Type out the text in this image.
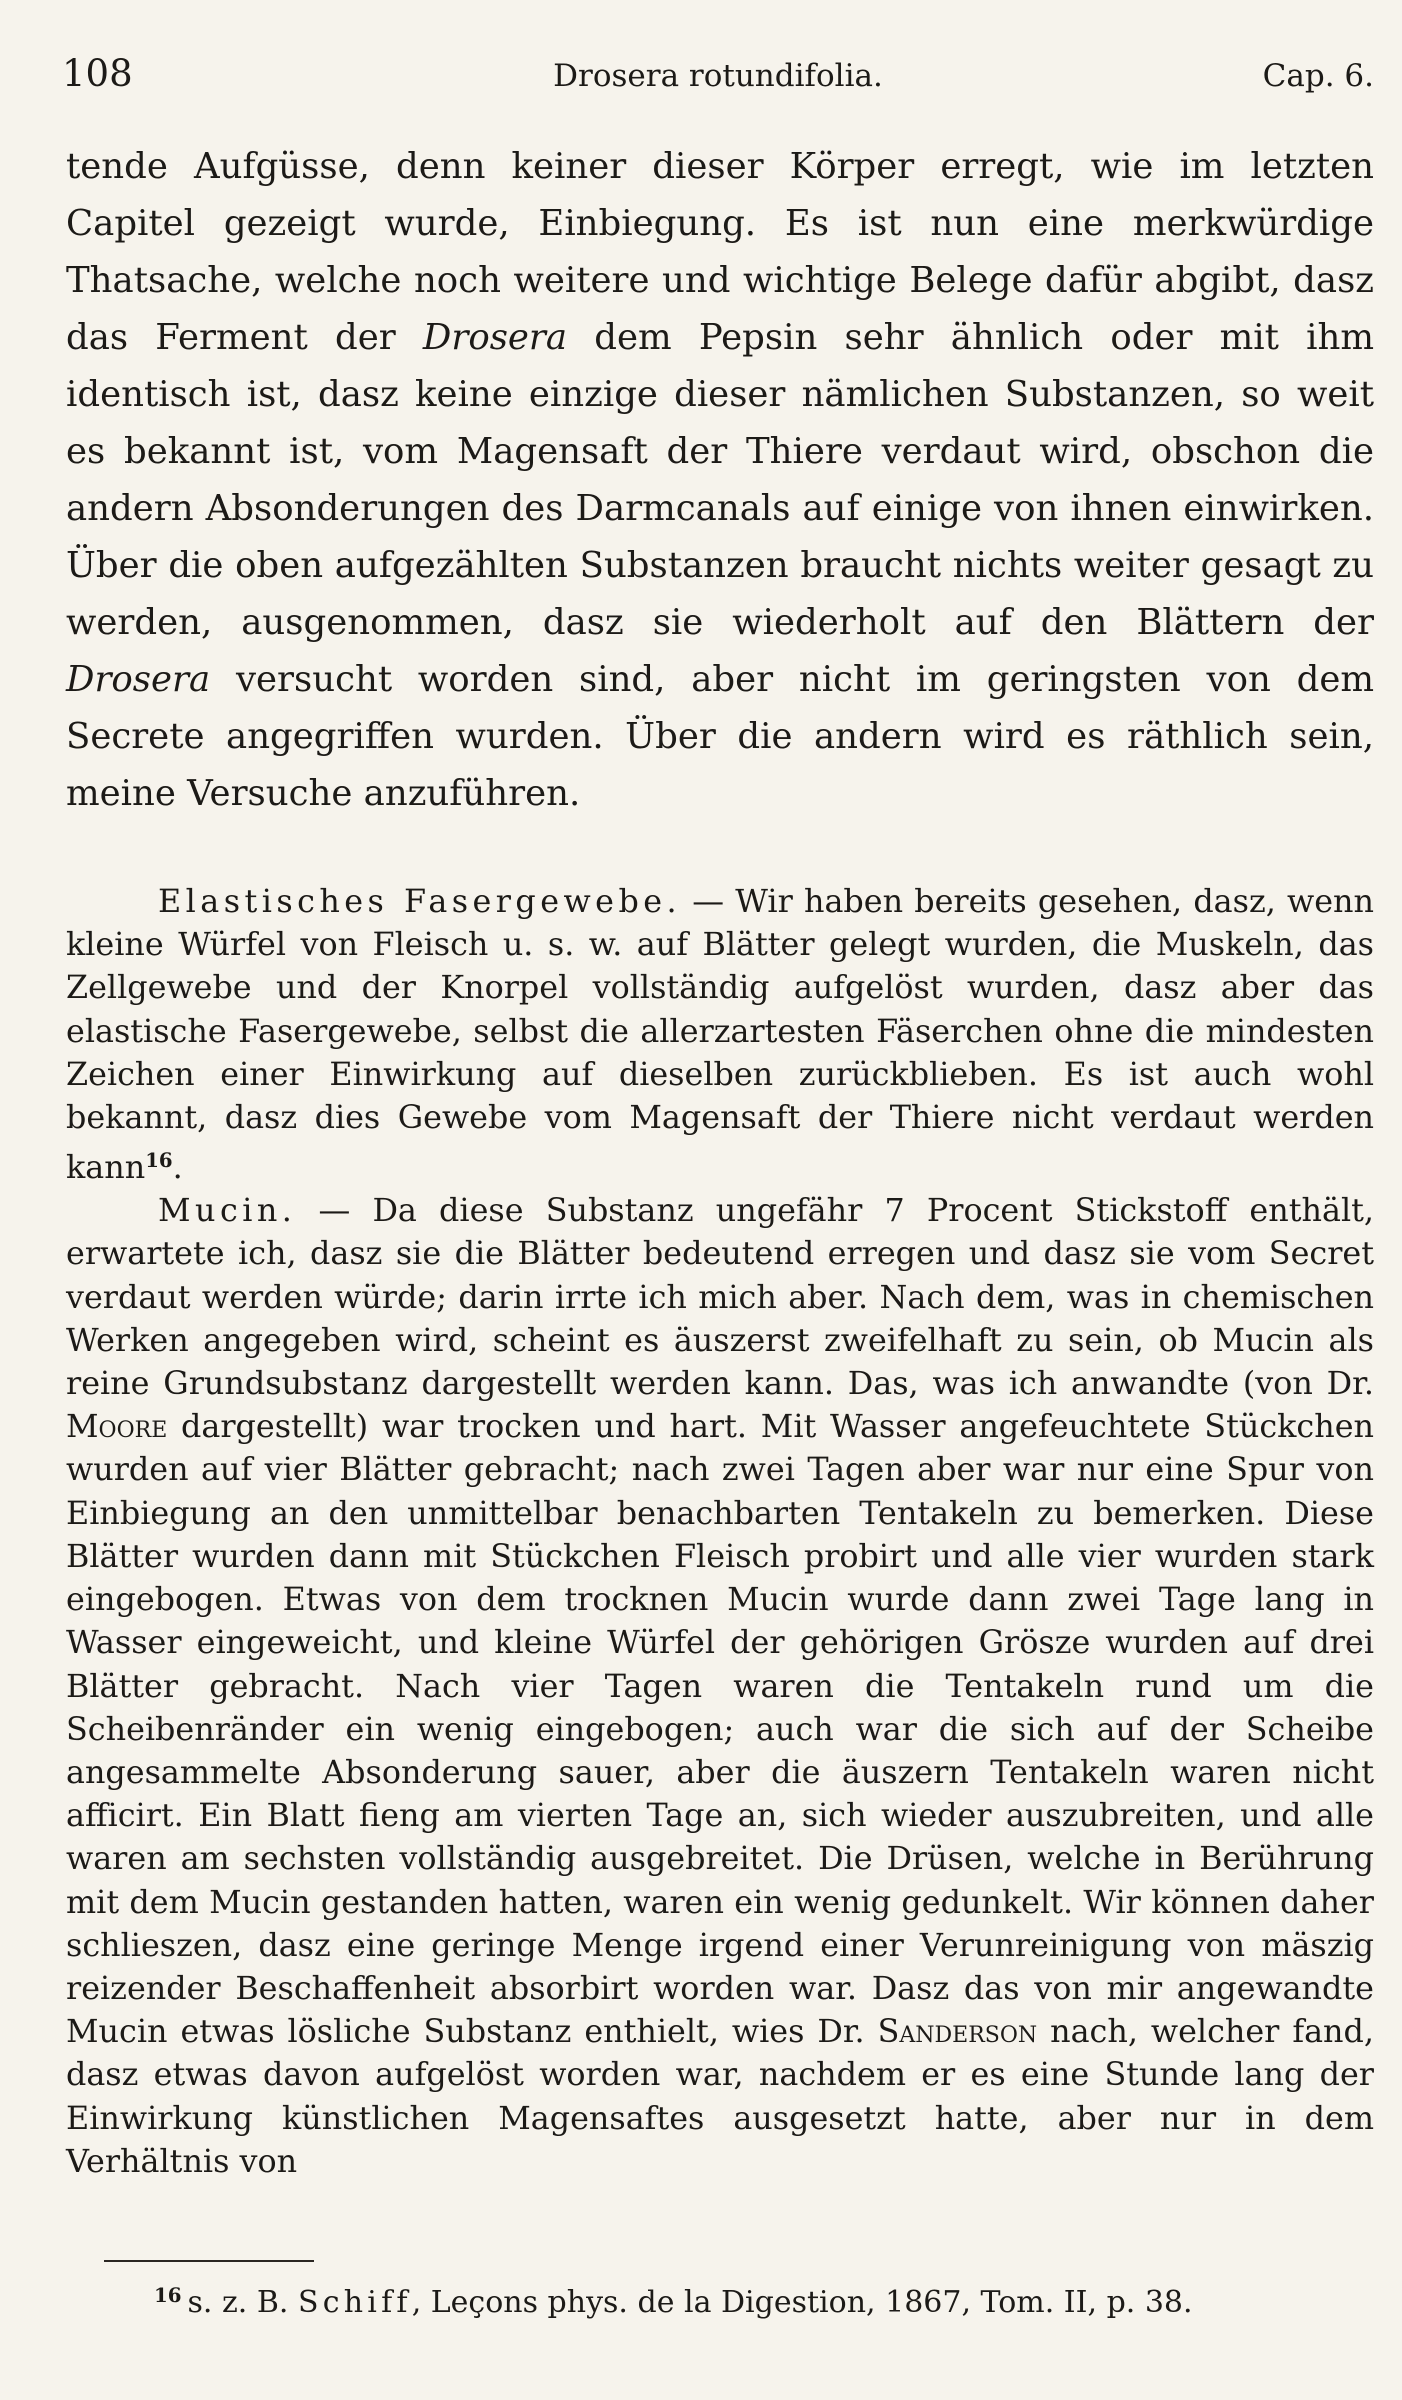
108	Drosera rotundifolia.	Cap. 6.
tende Aufgüsse, denn keiner dieser Körper erregt, wie im letzten Capitel gezeigt wurde, Einbiegung. Es ist nun eine merkwürdige Thatsache, welche noch weitere und wichtige Belege dafür abgibt, dasz das Ferment der Drosera dem Pepsin sehr ähnlich oder mit ihm identisch ist, dasz keine einzige dieser nämlichen Substanzen, so weit es bekannt ist, vom Magensaft der Thiere verdaut wird, obschon die andern Absonderungen des Darmcanals auf einige von ihnen einwirken. Über die oben aufgezählten Substanzen braucht nichts weiter gesagt zu werden, ausgenommen, dasz sie wiederholt auf den Blättern der Drosera versucht worden sind, aber nicht im geringsten von dem Secrete angegriffen wurden. Über die andern wird es räthlich sein, meine Versuche anzuführen.

Elastisches Fasergewebe. — Wir haben bereits gesehen, dasz, wenn kleine Würfel von Fleisch u. s. w. auf Blätter gelegt wurden, die Muskeln, das Zellgewebe und der Knorpel vollständig aufgelöst wurden, dasz aber das elastische Fasergewebe, selbst die allerzartesten Fäserchen ohne die mindesten Zeichen einer Einwirkung auf dieselben zurückblieben. Es ist auch wohl bekannt, dasz dies Gewebe vom Magensaft der Thiere nicht verdaut werden kann$^{16}$.

Mucin. — Da diese Substanz ungefähr 7 Procent Stickstoff enthält, erwartete ich, dasz sie die Blätter bedeutend erregen und dasz sie vom Secret verdaut werden würde; darin irrte ich mich aber. Nach dem, was in chemischen Werken angegeben wird, scheint es äuszerst zweifelhaft zu sein, ob Mucin als reine Grundsubstanz dargestellt werden kann. Das, was ich anwandte (von Dr. Moore dargestellt) war trocken und hart. Mit Wasser angefeuchtete Stückchen wurden auf vier Blätter gebracht; nach zwei Tagen aber war nur eine Spur von Einbiegung an den unmittelbar benachbarten Tentakeln zu bemerken. Diese Blätter wurden dann mit Stückchen Fleisch probirt und alle vier wurden stark eingebogen. Etwas von dem trocknen Mucin wurde dann zwei Tage lang in Wasser eingeweicht, und kleine Würfel der gehörigen Grösze wurden auf drei Blätter gebracht. Nach vier Tagen waren die Tentakeln rund um die Scheibenränder ein wenig eingebogen; auch war die sich auf der Scheibe angesammelte Absonderung sauer, aber die äuszern Tentakeln waren nicht afficirt. Ein Blatt fieng am vierten Tage an, sich wieder auszubreiten, und alle waren am sechsten vollständig ausgebreitet. Die Drüsen, welche in Berührung mit dem Mucin gestanden hatten, waren ein wenig gedunkelt. Wir können daher schlieszen, dasz eine geringe Menge irgend einer Verunreinigung von mäszig reizender Beschaffenheit absorbirt worden war. Dasz das von mir angewandte Mucin etwas lösliche Substanz enthielt, wies Dr. Sanderson nach, welcher fand, dasz etwas davon aufgelöst worden war, nachdem er es eine Stunde lang der Einwirkung künstlichen Magensaftes ausgesetzt hatte, aber nur in dem Verhältnis von

$^{16}$ s. z. B. Schiff, Leçons phys. de la Digestion, 1867, Tom. II, p. 38.
